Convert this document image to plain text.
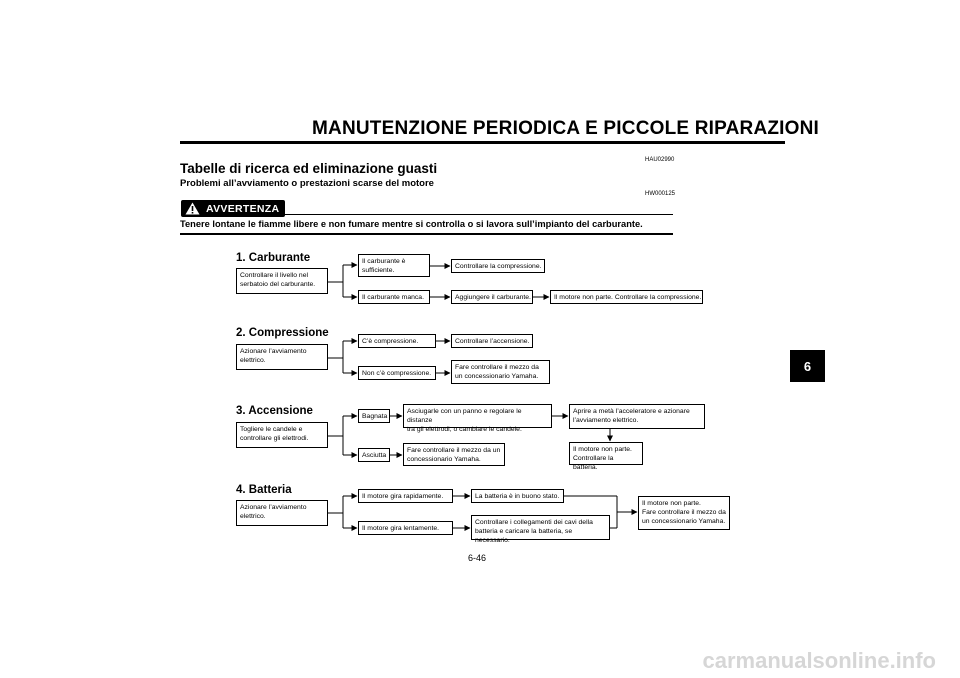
MANUTENZIONE PERIODICA E PICCOLE RIPARAZIONI
HAU02990
Tabelle di ricerca ed eliminazione guasti
Problemi all’avviamento o prestazioni scarse del motore
HW000125
AVVERTENZA
Tenere lontane le fiamme libere e non fumare mentre si controlla o si lavora sull’impianto del carburante.
6
1. Carburante
Controllare il livello nel
serbatoio del carburante.
Il carburante è
sufficiente.
Controllare la compressione.
Il carburante manca.	Aggiungere il carburante.	Il motore non parte. Controllare la compressione.
2. Compressione
Azionare l’avviamento
elettrico.
C’è compressione.	Controllare l’accensione.
Non c’è compressione.
Fare controllare il mezzo da
un concessionario Yamaha.
3. Accensione
Togliere le candele e
controllare gli elettrodi.
Bagnata
Asciugarle con un panno e regolare le distanze
tra gli elettrodi, o cambiare le candele.
Aprire a metà l’acceleratore e azionare
l’avviamento elettrico.
Il motore non parte.
Controllare la batteria.
Asciutta
Fare controllare il mezzo da un
concessionario Yamaha.
4. Batteria
Azionare l’avviamento
elettrico.
Il motore gira rapidamente.	La batteria è in buono stato.
Il motore gira lentamente.
Controllare i collegamenti dei cavi della
batteria e caricare la batteria, se necessario.
Il motore non parte.
Fare controllare il mezzo da
un concessionario Yamaha.
6-46
carmanualsonline.info
